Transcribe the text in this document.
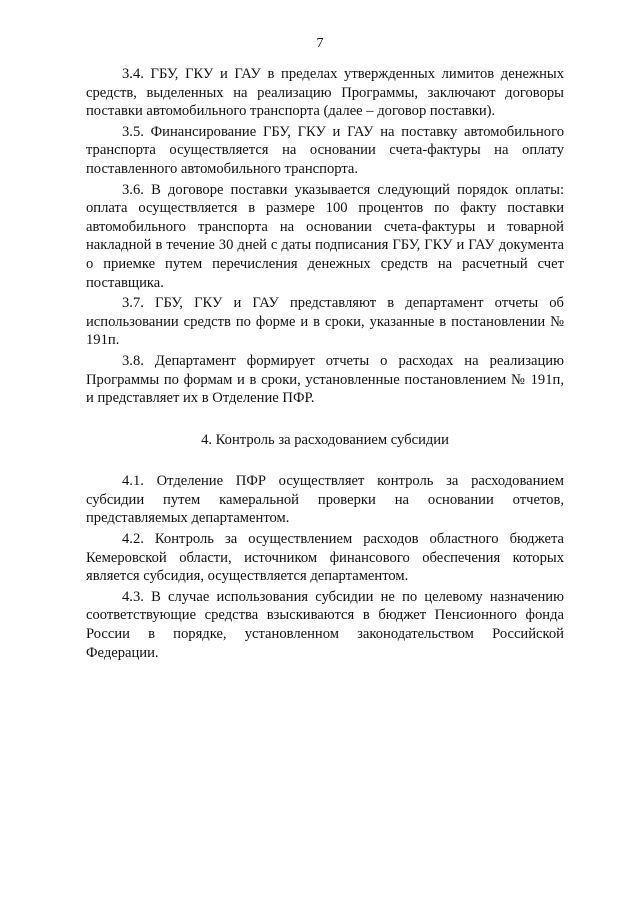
7

3.4. ГБУ, ГКУ и ГАУ в пределах утвержденных лимитов денежных средств, выделенных на реализацию Программы, заключают договоры поставки автомобильного транспорта (далее – договор поставки).

3.5. Финансирование ГБУ, ГКУ и ГАУ на поставку автомобильного транспорта осуществляется на основании счета-фактуры на оплату поставленного автомобильного транспорта.

3.6. В договоре поставки указывается следующий порядок оплаты: оплата осуществляется в размере 100 процентов по факту поставки автомобильного транспорта на основании счета-фактуры и товарной накладной в течение 30 дней с даты подписания ГБУ, ГКУ и ГАУ документа о приемке путем перечисления денежных средств на расчетный счет поставщика.

3.7. ГБУ, ГКУ и ГАУ представляют в департамент отчеты об использовании средств по форме и в сроки, указанные в постановлении № 191п.

3.8. Департамент формирует отчеты о расходах на реализацию Программы по формам и в сроки, установленные постановлением № 191п, и представляет их в Отделение ПФР.

4. Контроль за расходованием субсидии

4.1. Отделение ПФР осуществляет контроль за расходованием субсидии путем камеральной проверки на основании отчетов, представляемых департаментом.

4.2. Контроль за осуществлением расходов областного бюджета Кемеровской области, источником финансового обеспечения которых является субсидия, осуществляется департаментом.

4.3. В случае использования субсидии не по целевому назначению соответствующие средства взыскиваются в бюджет Пенсионного фонда России в порядке, установленном законодательством Российской Федерации.
